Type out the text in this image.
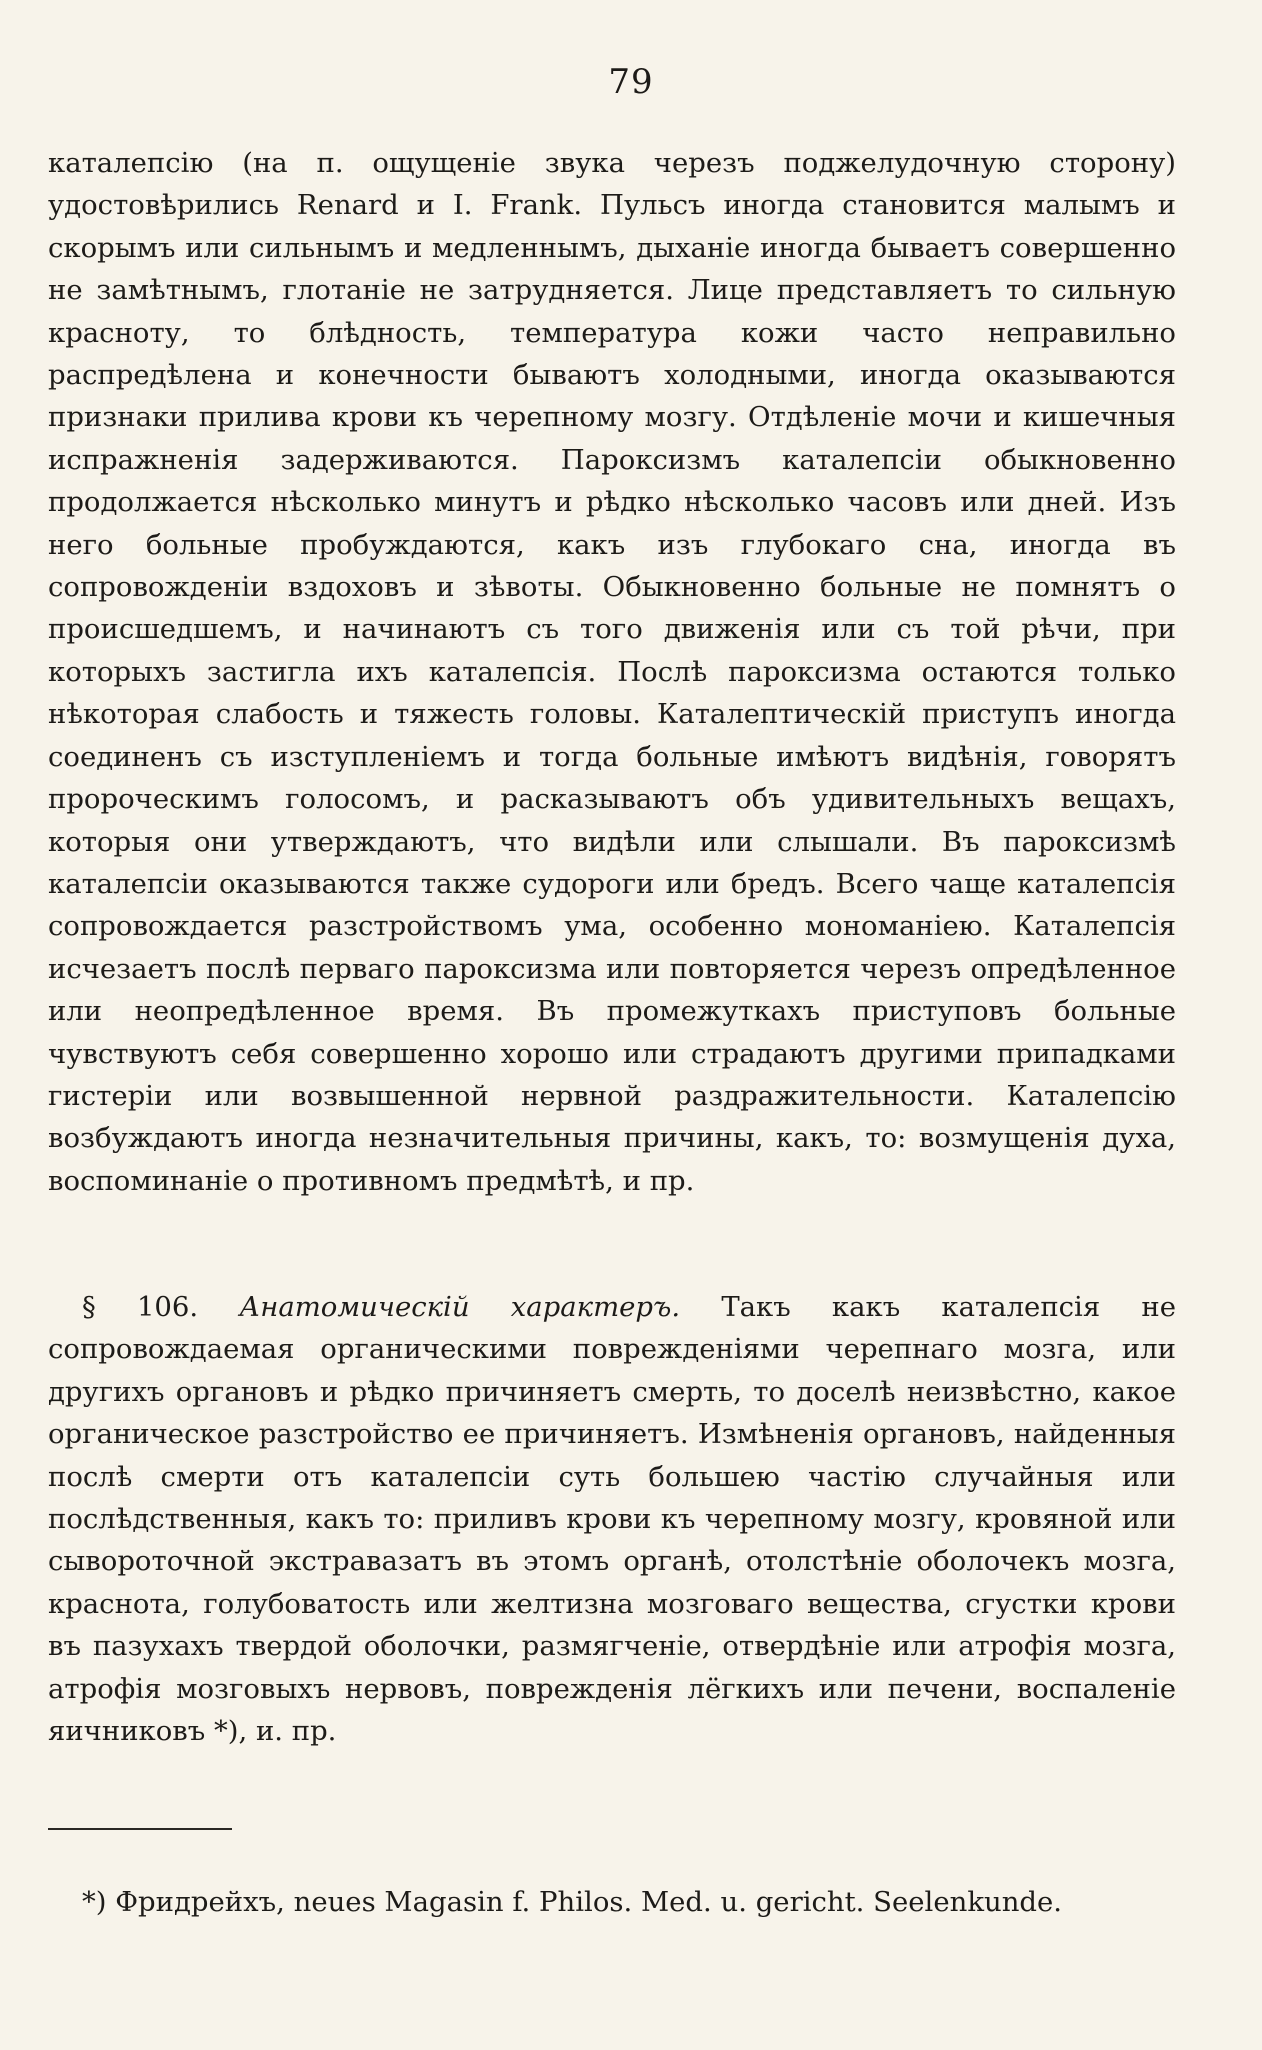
79

каталепсію (на п. ощущеніе звука черезъ поджелудочную сторону) удостовѣрились Renard и I. Frank. Пульсъ иногда становится малымъ и скорымъ или сильнымъ и медленнымъ, дыханіе иногда бываетъ совершенно не замѣтнымъ, глотаніе не затрудняется. Лице представляетъ то сильную красноту, то блѣдность, температура кожи часто неправильно распредѣлена и конечности бываютъ холодными, иногда оказываются признаки прилива крови къ черепному мозгу. Отдѣленіе мочи и кишечныя испражненія задерживаются. Пароксизмъ каталепсіи обыкновенно продолжается нѣсколько минутъ и рѣдко нѣсколько часовъ или дней. Изъ него больные пробуждаются, какъ изъ глубокаго сна, иногда въ сопровожденіи вздоховъ и зѣвоты. Обыкновенно больные не помнятъ о происшедшемъ, и начинаютъ съ того движенія или съ той рѣчи, при которыхъ застигла ихъ каталепсія. Послѣ пароксизма остаются только нѣкоторая слабость и тяжесть головы. Каталептическій приступъ иногда соединенъ съ изступленіемъ и тогда больные имѣютъ видѣнія, говорятъ пророческимъ голосомъ, и расказываютъ объ удивительныхъ вещахъ, которыя они утверждаютъ, что видѣли или слышали. Въ пароксизмѣ каталепсіи оказываются также судороги или бредъ. Всего чаще каталепсія сопровождается разстройствомъ ума, особенно мономаніею. Каталепсія исчезаетъ послѣ перваго пароксизма или повторяется черезъ опредѣленное или неопредѣленное время. Въ промежуткахъ приступовъ больные чувствуютъ себя совершенно хорошо или страдаютъ другими припадками гистеріи или возвышенной нервной раздражительности. Каталепсію возбуждаютъ иногда незначительныя причины, какъ, то: возмущенія духа, воспоминаніе о противномъ предмѣтѣ, и пр.

§ 106. Анатомическій характеръ. Такъ какъ каталепсія не сопровождаемая органическими поврежденіями черепнаго мозга, или другихъ органовъ и рѣдко причиняетъ смерть, то доселѣ неизвѣстно, какое органическое разстройство ее причиняетъ. Измѣненія органовъ, найденныя послѣ смерти отъ каталепсіи суть большею частію случайныя или послѣдственныя, какъ то: приливъ крови къ черепному мозгу, кровяной или сывороточной экстравазатъ въ этомъ органѣ, отолстѣніе оболочекъ мозга, краснота, голубоватость или желтизна мозговаго вещества, сгустки крови въ пазухахъ твердой оболочки, размягченіе, отвердѣніе или атрофія мозга, атрофія мозговыхъ нервовъ, поврежденія лёгкихъ или печени, воспаленіе яичниковъ *), и. пр.

*) Фридрейхъ, neues Magasin f. Philos. Med. u. gericht. Seelenkunde.
